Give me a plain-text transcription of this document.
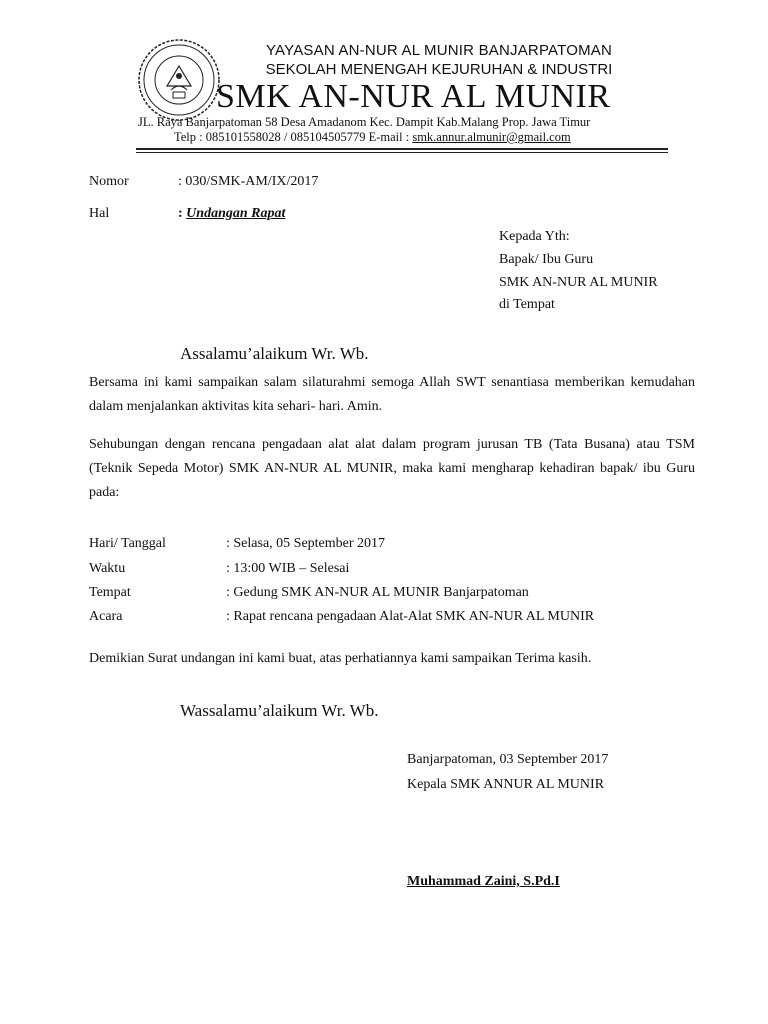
YAYASAN AN-NUR AL MUNIR BANJARPATOMAN
SEKOLAH MENENGAH KEJURUHAN & INDUSTRI
SMK AN-NUR AL MUNIR
JL. Raya Banjarpatoman 58 Desa Amadanom Kec. Dampit Kab.Malang Prop. Jawa Timur
Telp : 085101558028 / 085104505779 E-mail : smk.annur.almunir@gmail.com
Nomor	: 030/SMK-AM/IX/2017
Hal	: Undangan Rapat
Kepada Yth:
Bapak/ Ibu Guru
SMK AN-NUR AL MUNIR
di Tempat
Assalamu’alaikum Wr. Wb.
Bersama ini kami sampaikan salam silaturahmi semoga Allah SWT senantiasa memberikan kemudahan dalam menjalankan aktivitas kita sehari- hari. Amin.
Sehubungan dengan rencana pengadaan alat alat dalam program jurusan TB (Tata Busana) atau TSM (Teknik Sepeda Motor) SMK AN-NUR AL MUNIR, maka kami mengharap kehadiran bapak/ ibu Guru pada:
Hari/ Tanggal	: Selasa, 05 September 2017
Waktu	: 13:00 WIB – Selesai
Tempat	: Gedung SMK AN-NUR AL MUNIR Banjarpatoman
Acara	: Rapat rencana pengadaan Alat-Alat SMK AN-NUR AL MUNIR
Demikian Surat undangan ini kami buat, atas perhatiannya kami sampaikan Terima kasih.
Wassalamu’alaikum Wr. Wb.
Banjarpatoman, 03 September 2017
Kepala SMK ANNUR AL MUNIR
Muhammad Zaini, S.Pd.I
